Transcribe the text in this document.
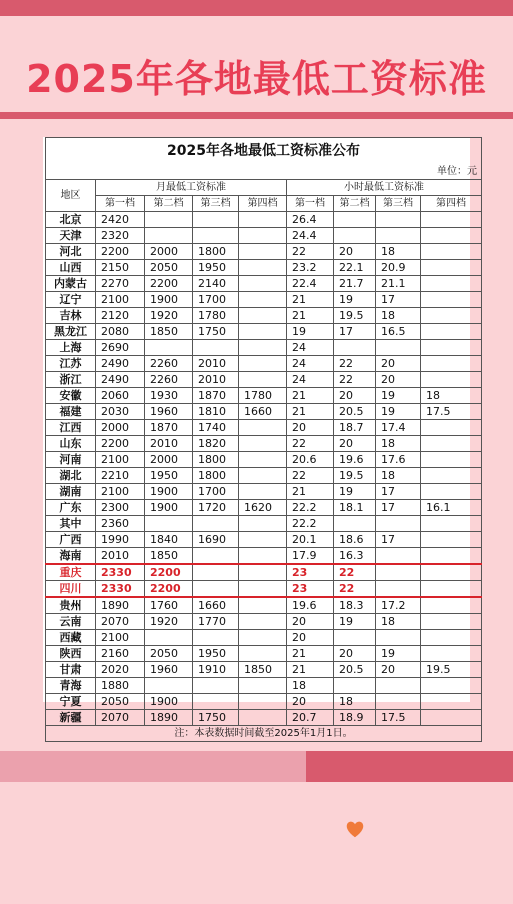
2025年各地最低工资标准
2025年各地最低工资标准公布								
单位：元								
地区	月最低工资标准				小时最低工资标准			
	第一档	第二档	第三档	第四档	第一档	第二档	第三档	第四档
北京	2420				26.4			
天津	2320				24.4			
河北	2200	2000	1800		22	20	18	
山西	2150	2050	1950		23.2	22.1	20.9	
内蒙古	2270	2200	2140		22.4	21.7	21.1	
辽宁	2100	1900	1700		21	19	17	
吉林	2120	1920	1780		21	19.5	18	
黑龙江	2080	1850	1750		19	17	16.5	
上海	2690				24			
江苏	2490	2260	2010		24	22	20	
浙江	2490	2260	2010		24	22	20	
安徽	2060	1930	1870	1780	21	20	19	18
福建	2030	1960	1810	1660	21	20.5	19	17.5
江西	2000	1870	1740		20	18.7	17.4	
山东	2200	2010	1820		22	20	18	
河南	2100	2000	1800		20.6	19.6	17.6	
湖北	2210	1950	1800		22	19.5	18	
湖南	2100	1900	1700		21	19	17	
广东	2300	1900	1720	1620	22.2	18.1	17	16.1
其中	2360				22.2			
广西	1990	1840	1690		20.1	18.6	17	
海南	2010	1850			17.9	16.3		
重庆	2330	2200			23	22		
四川	2330	2200			23	22		
贵州	1890	1760	1660		19.6	18.3	17.2	
云南	2070	1920	1770		20	19	18	
西藏	2100				20			
陕西	2160	2050	1950		21	20	19	
甘肃	2020	1960	1910	1850	21	20.5	20	19.5
青海	1880				18			
宁夏	2050	1900			20	18		
新疆	2070	1890	1750		20.7	18.9	17.5	
注：本表数据时间截至2025年1月1日。								
